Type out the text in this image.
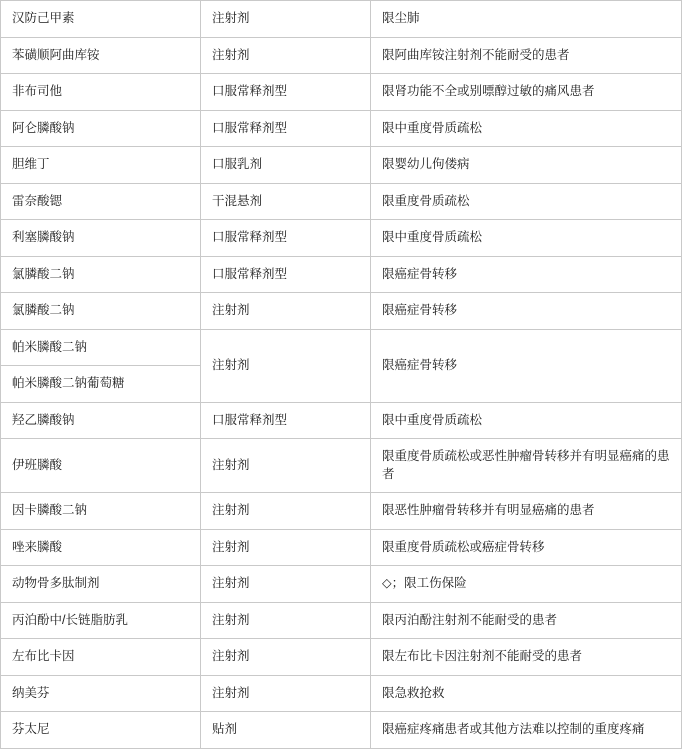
汉防己甲素	注射剂	限尘肺

苯磺顺阿曲库铵	注射剂	限阿曲库铵注射剂不能耐受的患者

非布司他	口服常释剂型	限肾功能不全或别嘌醇过敏的痛风患者

阿仑膦酸钠	口服常释剂型	限中重度骨质疏松

胆维丁	口服乳剂	限婴幼儿佝偻病

雷奈酸锶	干混悬剂	限重度骨质疏松

利塞膦酸钠	口服常释剂型	限中重度骨质疏松

氯膦酸二钠	口服常释剂型	限癌症骨转移

氯膦酸二钠	注射剂	限癌症骨转移

帕米膦酸二钠	注射剂	限癌症骨转移

帕米膦酸二钠葡萄糖		

羟乙膦酸钠	口服常释剂型	限中重度骨质疏松

伊班膦酸	注射剂	限重度骨质疏松或恶性肿瘤骨转移并有明显癌痛的患者

因卡膦酸二钠	注射剂	限恶性肿瘤骨转移并有明显癌痛的患者

唑来膦酸	注射剂	限重度骨质疏松或癌症骨转移

动物骨多肽制剂	注射剂	◇；限工伤保险

丙泊酚中/长链脂肪乳	注射剂	限丙泊酚注射剂不能耐受的患者

左布比卡因	注射剂	限左布比卡因注射剂不能耐受的患者

纳美芬	注射剂	限急救抢救

芬太尼	贴剂	限癌症疼痛患者或其他方法难以控制的重度疼痛
